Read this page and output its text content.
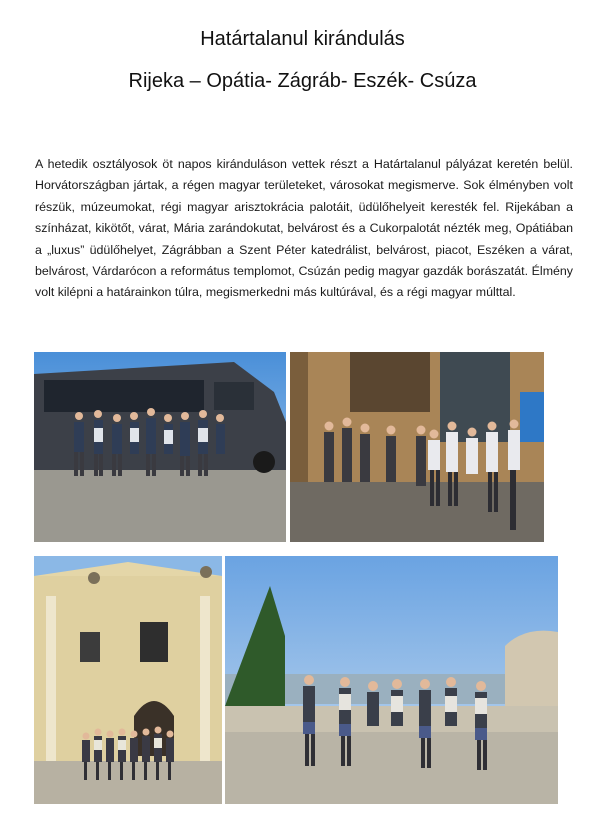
Határtalanul kirándulás
Rijeka – Opátia- Zágráb- Eszék- Csúza
A hetedik osztályosok öt napos kiránduláson vettek részt a Határtalanul pályázat keretén belül. Horvátországban jártak, a régen magyar területeket, városokat megismerve. Sok élményben volt részük, múzeumokat, régi magyar arisztokrácia palotáit, üdülőhelyeit keresték fel. Rijekában a színházat, kikötőt, várat, Mária zarándokutat, belvárost és a Cukorpalotát nézték meg, Opátiában a „luxus” üdülőhelyet, Zágrábban a Szent Péter katedrálist, belvárost, piacot, Eszéken a várat, belvárost, Várdarócon a református templomot, Csúzán pedig magyar gazdák borászatát. Élmény volt kilépni a határainkon túlra, megismerkedni más kultúrával, és a régi magyar múlttal.
